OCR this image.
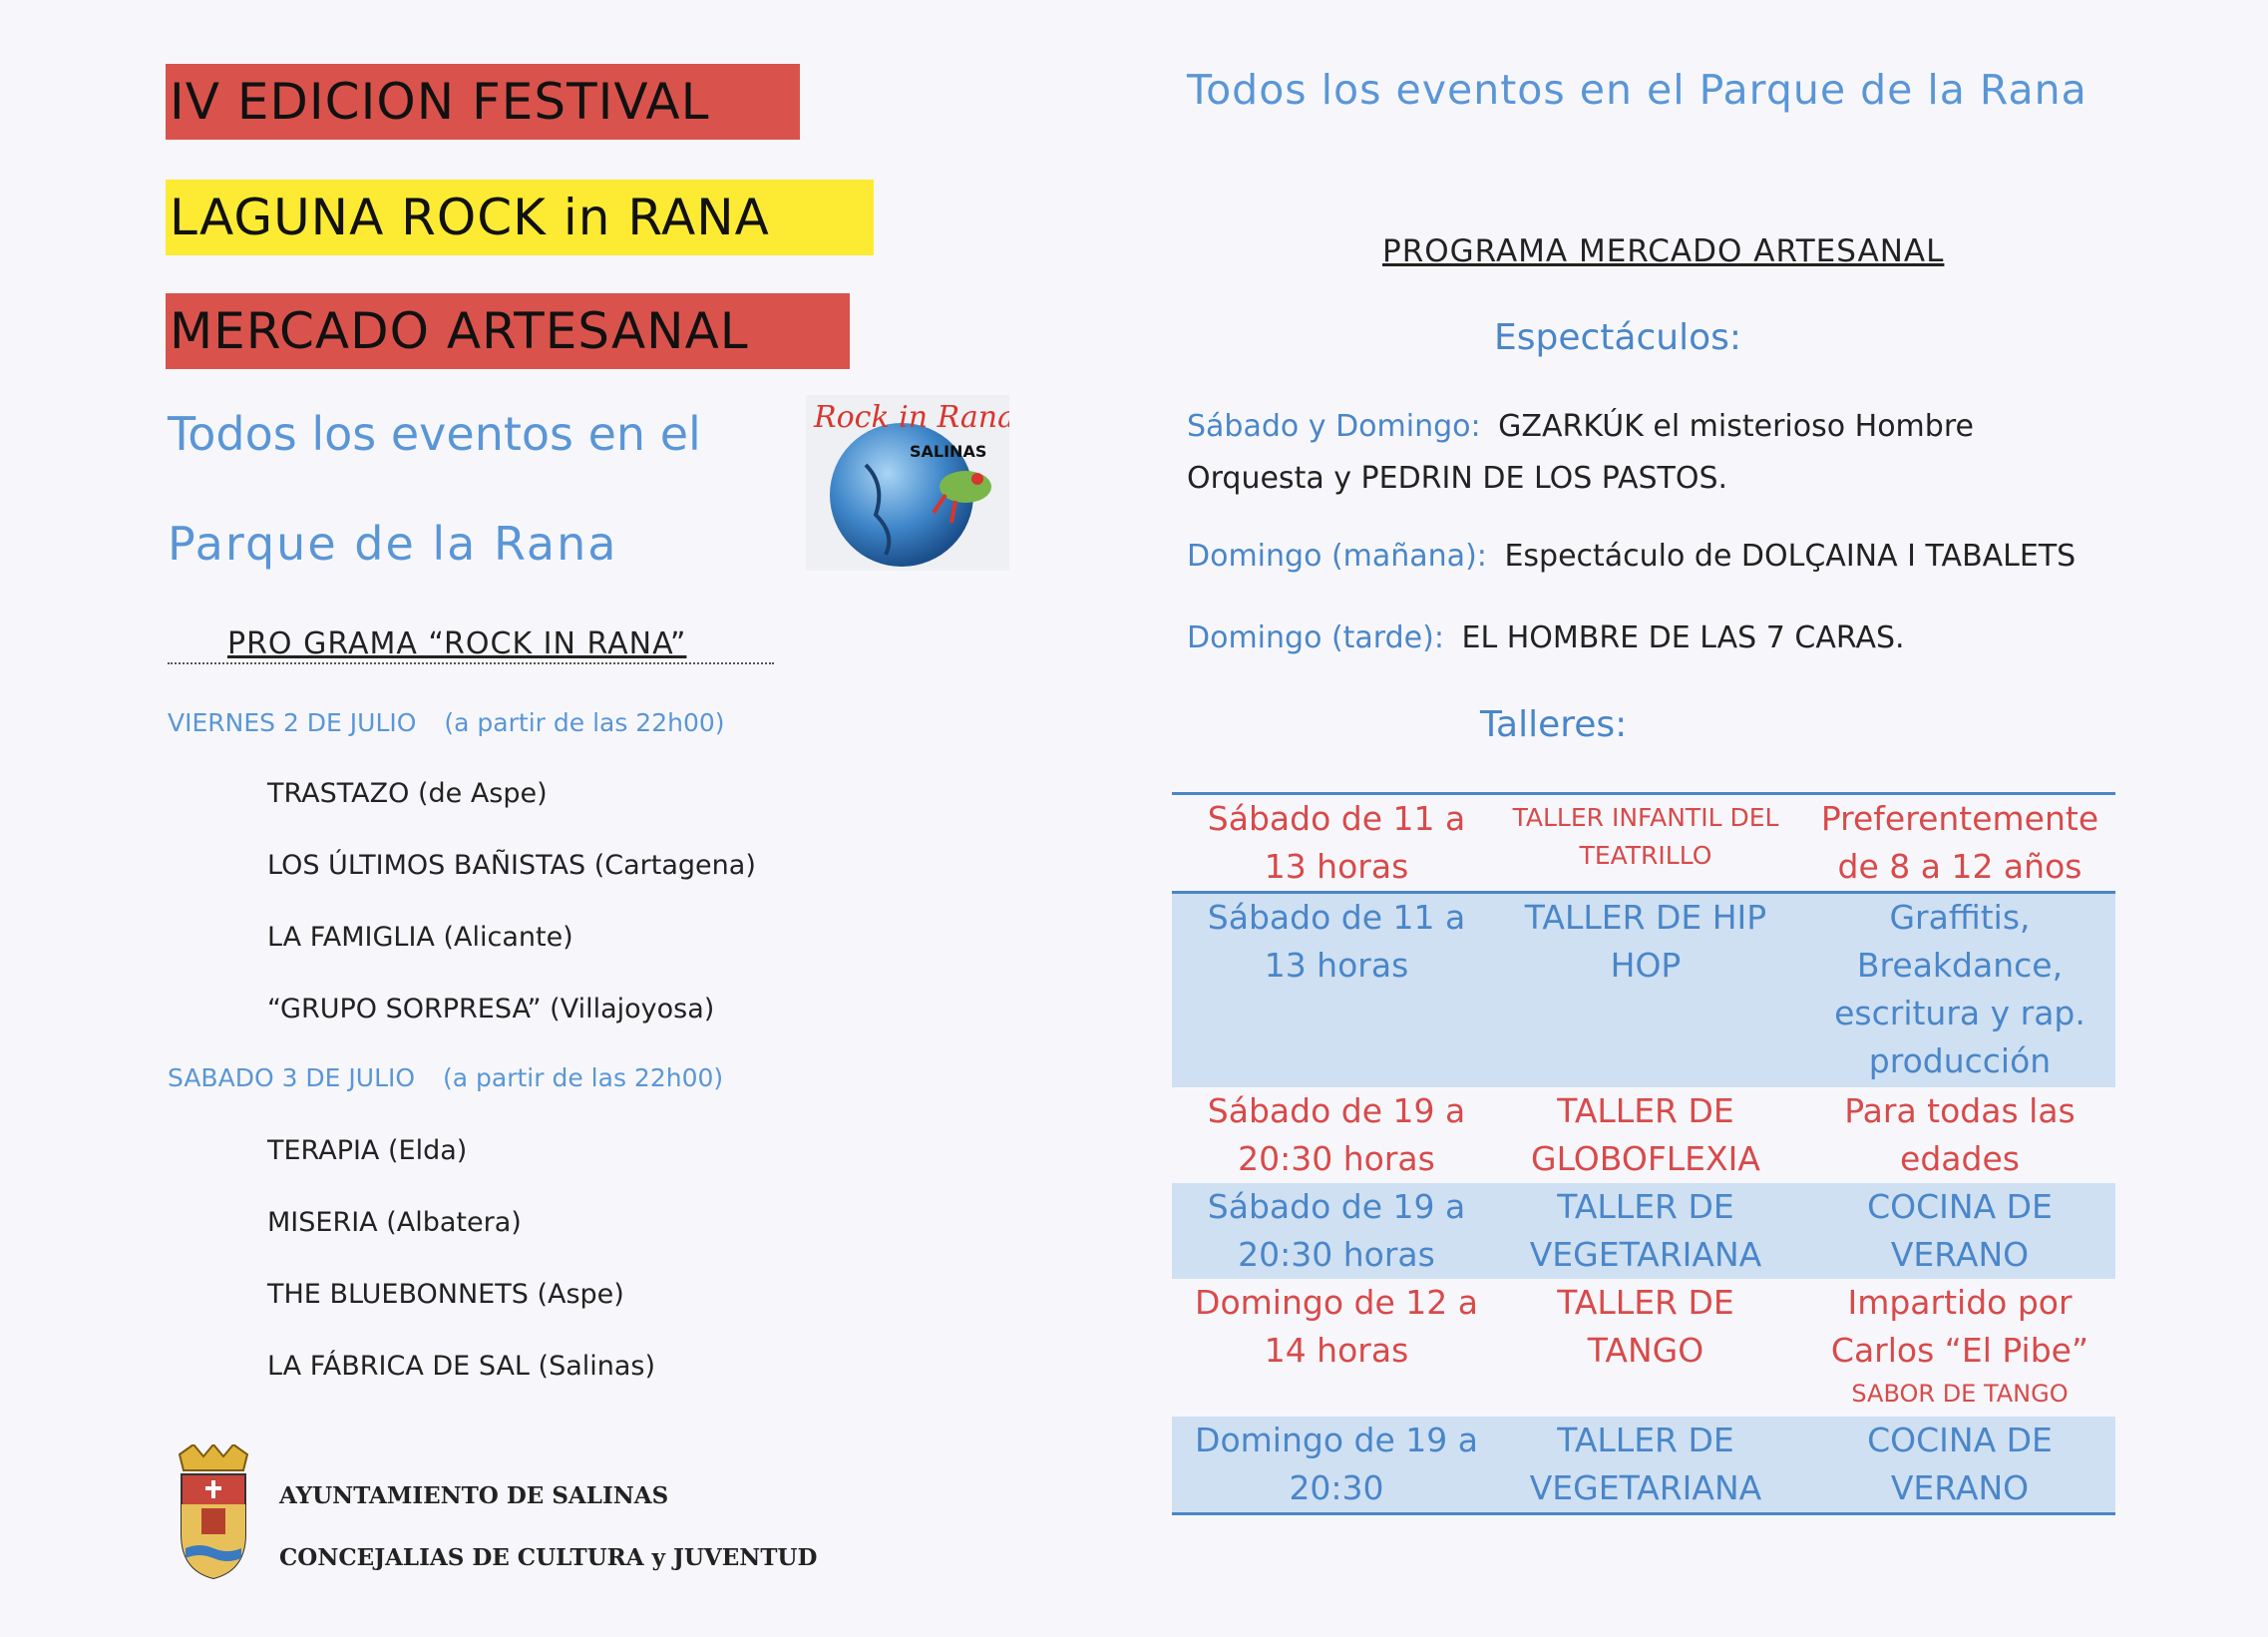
IV EDICION FESTIVAL
LAGUNA ROCK in RANA
MERCADO ARTESANAL
Todos los eventos en el
Parque de la Rana
Rock in Rana
SALINAS
PRO GRAMA “ROCK IN RANA”
VIERNES 2 DE JULIO (a partir de las 22h00)
TRASTAZO (de Aspe)
LOS ÚLTIMOS BAÑISTAS (Cartagena)
LA FAMIGLIA (Alicante)
“GRUPO SORPRESA” (Villajoyosa)
SABADO 3 DE JULIO (a partir de las 22h00)
TERAPIA (Elda)
MISERIA (Albatera)
THE BLUEBONNETS (Aspe)
LA FÁBRICA DE SAL (Salinas)
AYUNTAMIENTO DE SALINAS
CONCEJALIAS DE CULTURA y JUVENTUD
Todos los eventos en el Parque de la Rana
PROGRAMA MERCADO ARTESANAL
Espectáculos:
Sábado y Domingo: GZARKÚK el misterioso Hombre
Orquesta y PEDRIN DE LOS PASTOS.
Domingo (mañana): Espectáculo de DOLÇAINA I TABALETS
Domingo (tarde): EL HOMBRE DE LAS 7 CARAS.
Talleres:
Sábado de 11 a 13 horas
TALLER INFANTIL DEL TEATRILLO
Preferentemente de 8 a 12 años
Sábado de 11 a 13 horas
TALLER DE HIP HOP
Graffitis, Breakdance, escritura y rap. producción
Sábado de 19 a 20:30 horas
TALLER DE GLOBOFLEXIA
Para todas las edades
Sábado de 19 a 20:30 horas
TALLER DE VEGETARIANA
COCINA DE VERANO
Domingo de 12 a 14 horas
TALLER DE TANGO
Impartido por Carlos “El Pibe”
SABOR DE TANGO
Domingo de 19 a 20:30
TALLER DE VEGETARIANA
COCINA DE VERANO
